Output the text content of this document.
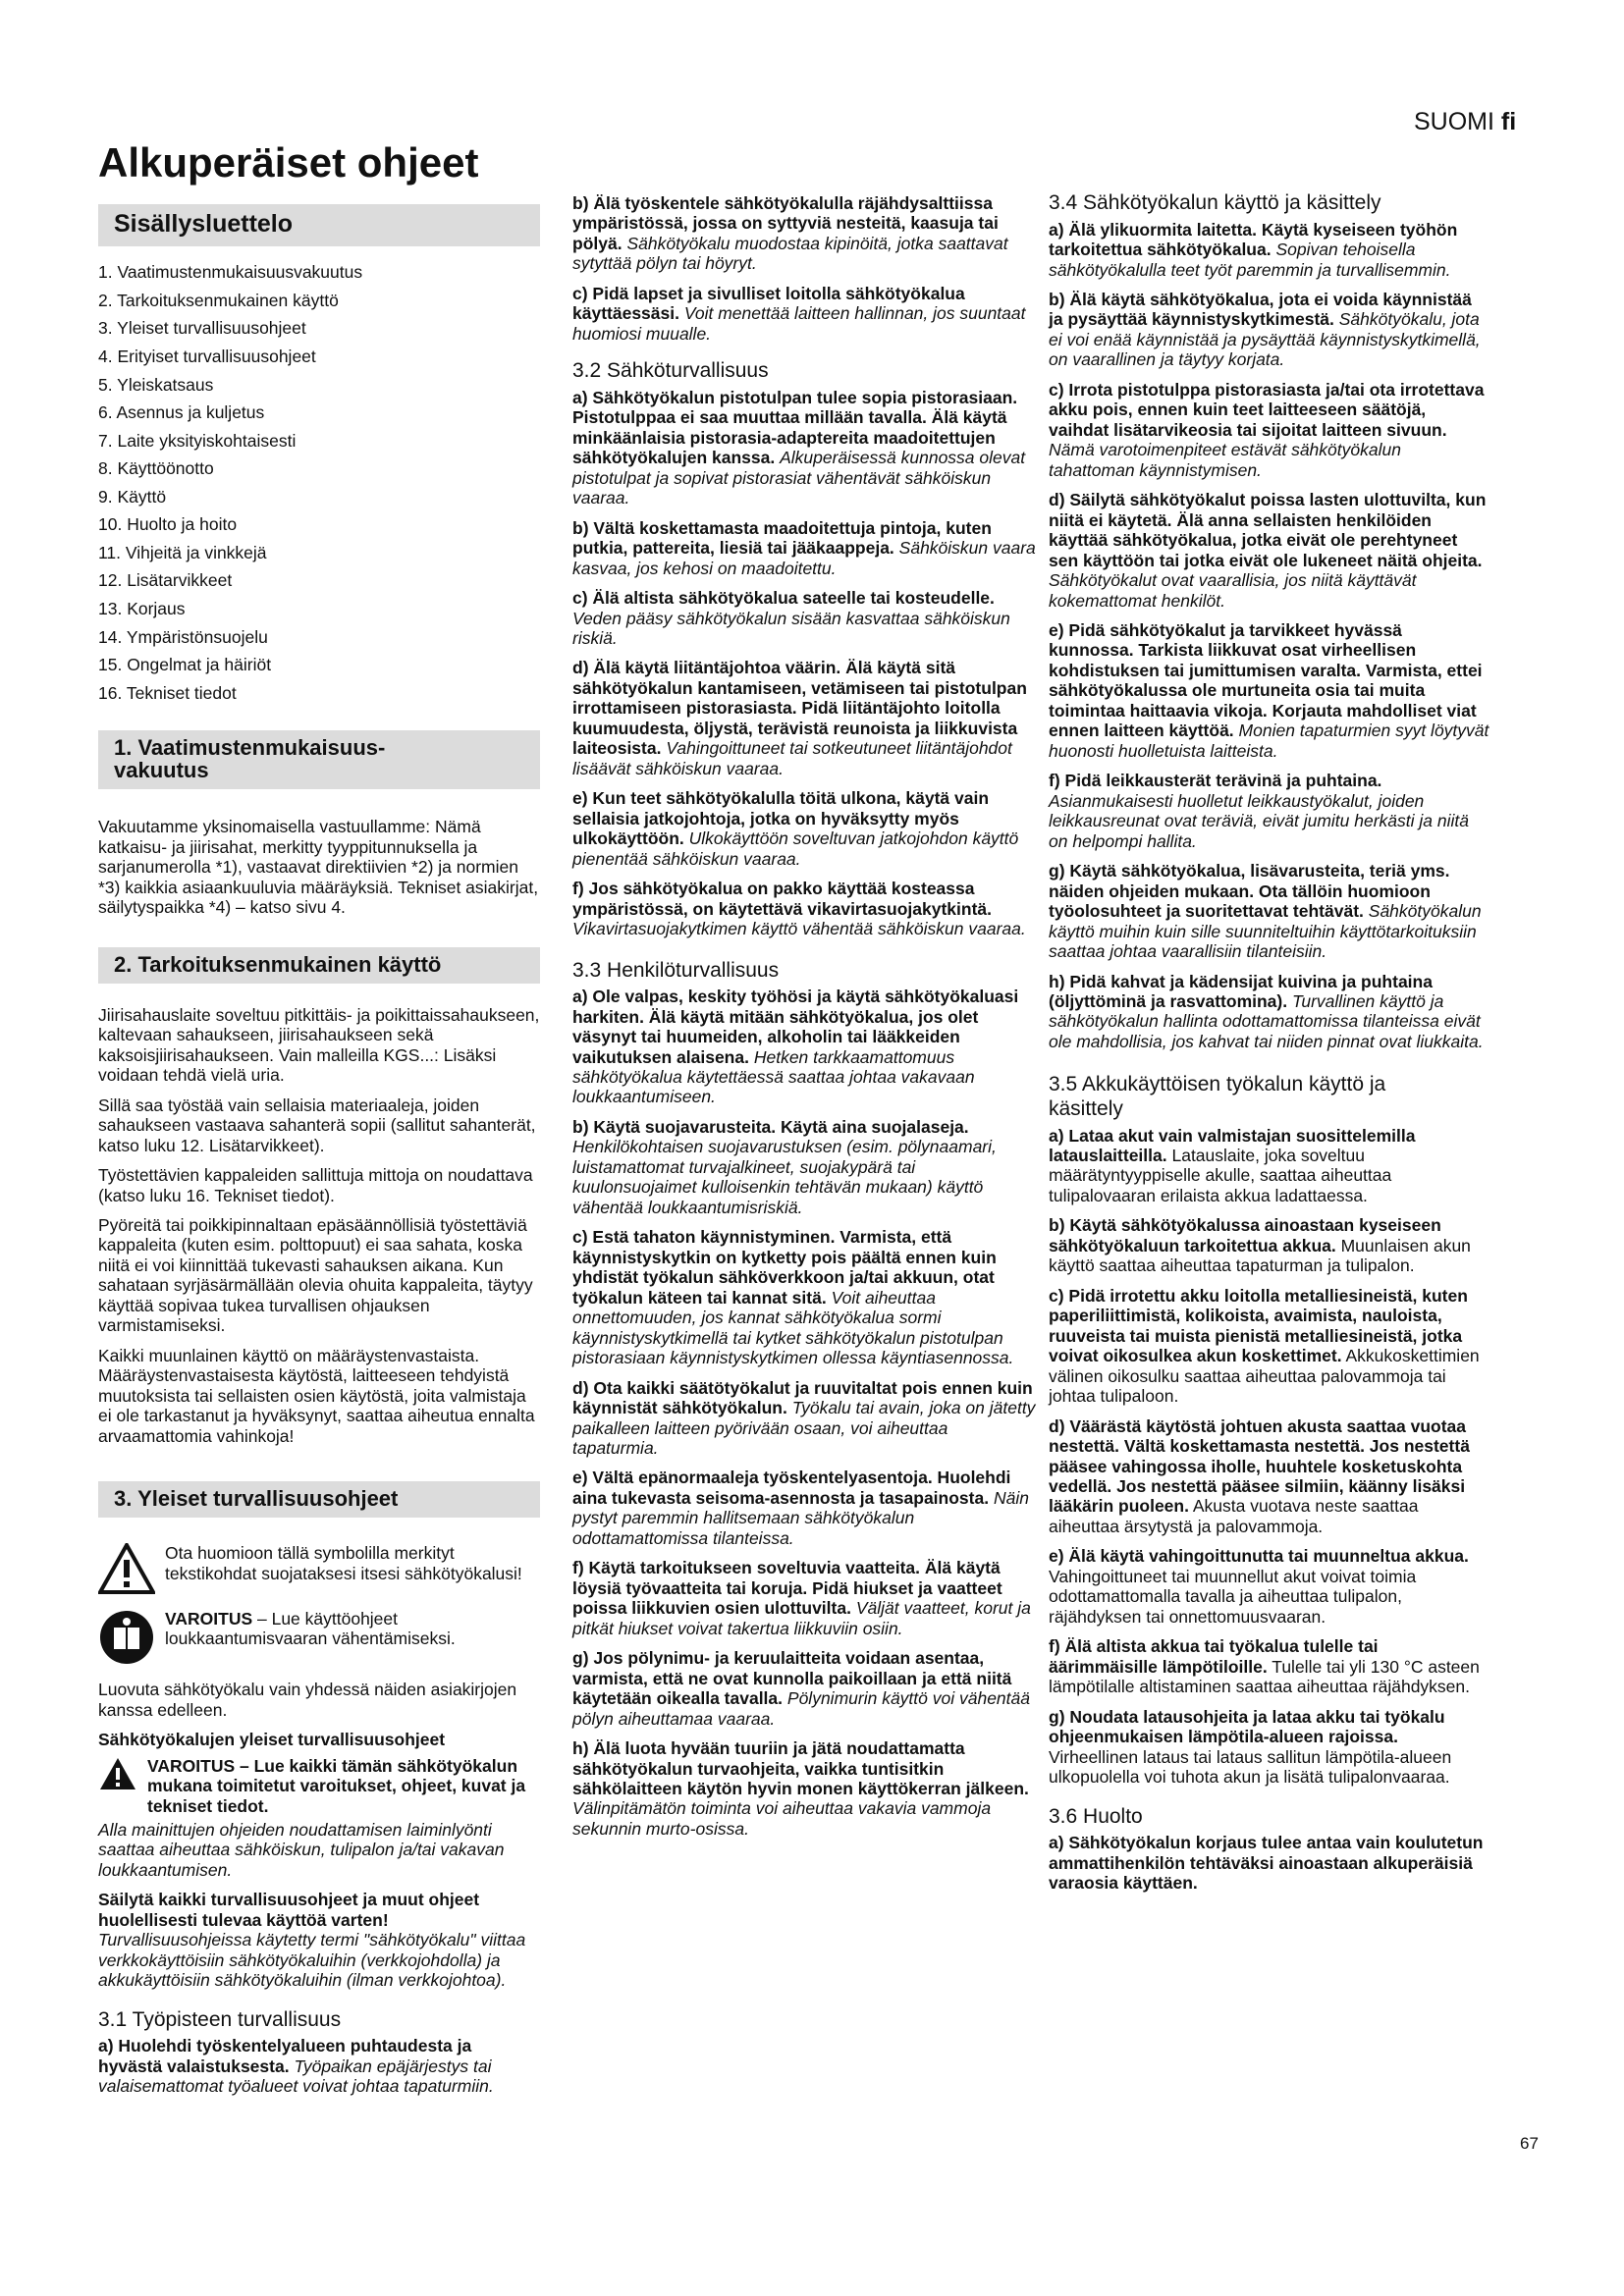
SUOMI fi
Alkuperäiset ohjeet
Sisällysluettelo
1. Vaatimustenmukaisuusvakuutus
2. Tarkoituksenmukainen käyttö
3. Yleiset turvallisuusohjeet
4. Erityiset turvallisuusohjeet
5. Yleiskatsaus
6. Asennus ja kuljetus
7. Laite yksityiskohtaisesti
8. Käyttöönotto
9. Käyttö
10. Huolto ja hoito
11. Vihjeitä ja vinkkejä
12. Lisätarvikkeet
13. Korjaus
14. Ympäristönsuojelu
15. Ongelmat ja häiriöt
16. Tekniset tiedot
1. Vaatimustenmukaisuus-
vakuutus

Vakuutamme yksinomaisella vastuullamme: Nämä katkaisu- ja jiirisahat, merkitty tyyppitunnuksella ja sarjanumerolla *1), vastaavat direktiivien *2) ja normien *3) kaikkia asiaankuuluvia määräyksiä. Tekniset asiakirjat, säilytyspaikka *4) – katso sivu 4.

2. Tarkoituksenmukainen käyttö

Jiirisahauslaite soveltuu pitkittäis- ja poikittaissahaukseen, kaltevaan sahaukseen, jiirisahaukseen sekä kaksoisjiirisahaukseen. Vain malleilla KGS...: Lisäksi voidaan tehdä vielä uria.

Sillä saa työstää vain sellaisia materiaaleja, joiden sahaukseen vastaava sahanterä sopii (sallitut sahanterät, katso luku 12. Lisätarvikkeet).

Työstettävien kappaleiden sallittuja mittoja on noudattava (katso luku 16. Tekniset tiedot).

Pyöreitä tai poikkipinnaltaan epäsäännöllisiä työstettäviä kappaleita (kuten esim. polttopuut) ei saa sahata, koska niitä ei voi kiinnittää tukevasti sahauksen aikana. Kun sahataan syrjäsärmällään olevia ohuita kappaleita, täytyy käyttää sopivaa tukea turvallisen ohjauksen varmistamiseksi.

Kaikki muunlainen käyttö on määräystenvastaista. Määräystenvastaisesta käytöstä, laitteeseen tehdyistä muutoksista tai sellaisten osien käytöstä, joita valmistaja ei ole tarkastanut ja hyväksynyt, saattaa aiheutua ennalta arvaamattomia vahinkoja!

3. Yleiset turvallisuusohjeet
Ota huomioon tällä symbolilla merkityt tekstikohdat suojataksesi itsesi sähkötyökalusi!
VAROITUS – Lue käyttöohjeet loukkaantumisvaaran vähentämiseksi.

Luovuta sähkötyökalu vain yhdessä näiden asiakirjojen kanssa edelleen.

Sähkötyökalujen yleiset turvallisuusohjeet

VAROITUS – Lue kaikki tämän sähkötyökalun mukana toimitetut varoitukset, ohjeet, kuvat ja tekniset tiedot.

Alla mainittujen ohjeiden noudattamisen laiminlyönti saattaa aiheuttaa sähköiskun, tulipalon ja/tai vakavan loukkaantumisen.

Säilytä kaikki turvallisuusohjeet ja muut ohjeet huolellisesti tulevaa käyttöä varten! Turvallisuusohjeissa käytetty termi "sähkötyökalu" viittaa verkkokäyttöisiin sähkötyökaluihin (verkkojohdolla) ja akkukäyttöisiin sähkötyökaluihin (ilman verkkojohtoa).

3.1 Työpisteen turvallisuus

a) Huolehdi työskentelyalueen puhtaudesta ja hyvästä valaistuksesta. Työpaikan epäjärjestys tai valaisemattomat työalueet voivat johtaa tapaturmiin.

b) Älä työskentele sähkötyökalulla räjähdysalttiissa ympäristössä, jossa on syttyviä nesteitä, kaasuja tai pölyä. Sähkötyökalu muodostaa kipinöitä, jotka saattavat sytyttää pölyn tai höyryt.

c) Pidä lapset ja sivulliset loitolla sähkötyökalua käyttäessäsi. Voit menettää laitteen hallinnan, jos suuntaat huomiosi muualle.

3.2 Sähköturvallisuus

a) Sähkötyökalun pistotulpan tulee sopia pistorasiaan. Pistotulppaa ei saa muuttaa millään tavalla. Älä käytä minkäänlaisia pistorasia-adaptereita maadoitettujen sähkötyökalujen kanssa. Alkuperäisessä kunnossa olevat pistotulpat ja sopivat pistorasiat vähentävät sähköiskun vaaraa.

b) Vältä koskettamasta maadoitettuja pintoja, kuten putkia, pattereita, liesiä tai jääkaappeja. Sähköiskun vaara kasvaa, jos kehosi on maadoitettu.

c) Älä altista sähkötyökalua sateelle tai kosteudelle. Veden pääsy sähkötyökalun sisään kasvattaa sähköiskun riskiä.

d) Älä käytä liitäntäjohtoa väärin. Älä käytä sitä sähkötyökalun kantamiseen, vetämiseen tai pistotulpan irrottamiseen pistorasiasta. Pidä liitäntäjohto loitolla kuumuudesta, öljystä, terävistä reunoista ja liikkuvista laiteosista. Vahingoittuneet tai sotkeutuneet liitäntäjohdot lisäävät sähköiskun vaaraa.

e) Kun teet sähkötyökalulla töitä ulkona, käytä vain sellaisia jatkojohtoja, jotka on hyväksytty myös ulkokäyttöön. Ulkokäyttöön soveltuvan jatkojohdon käyttö pienentää sähköiskun vaaraa.

f) Jos sähkötyökalua on pakko käyttää kosteassa ympäristössä, on käytettävä vikavirtasuojakytkintä. Vikavirtasuojakytkimen käyttö vähentää sähköiskun vaaraa.

3.3 Henkilöturvallisuus

a) Ole valpas, keskity työhösi ja käytä sähkötyökaluasi harkiten. Älä käytä mitään sähkötyökalua, jos olet väsynyt tai huumeiden, alkoholin tai lääkkeiden vaikutuksen alaisena. Hetken tarkkaamattomuus sähkötyökalua käytettäessä saattaa johtaa vakavaan loukkaantumiseen.

b) Käytä suojavarusteita. Käytä aina suojalaseja. Henkilökohtaisen suojavarustuksen (esim. pölynaamari, luistamattomat turvajalkineet, suojakypärä tai kuulonsuojaimet kulloisenkin tehtävän mukaan) käyttö vähentää loukkaantumisriskiä.

c) Estä tahaton käynnistyminen. Varmista, että käynnistyskytkin on kytketty pois päältä ennen kuin yhdistät työkalun sähköverkkoon ja/tai akkuun, otat työkalun käteen tai kannat sitä. Voit aiheuttaa onnettomuuden, jos kannat sähkötyökalua sormi käynnistyskytkimellä tai kytket sähkötyökalun pistotulpan pistorasiaan käynnistyskytkimen ollessa käyntiasennossa.

d) Ota kaikki säätötyökalut ja ruuvitaltat pois ennen kuin käynnistät sähkötyökalun. Työkalu tai avain, joka on jätetty paikalleen laitteen pyörivään osaan, voi aiheuttaa tapaturmia.

e) Vältä epänormaaleja työskentelyasentoja. Huolehdi aina tukevasta seisoma-asennosta ja tasapainosta. Näin pystyt paremmin hallitsemaan sähkötyökalun odottamattomissa tilanteissa.

f) Käytä tarkoitukseen soveltuvia vaatteita. Älä käytä löysiä työvaatteita tai koruja. Pidä hiukset ja vaatteet poissa liikkuvien osien ulottuvilta. Väljät vaatteet, korut ja pitkät hiukset voivat takertua liikkuviin osiin.

g) Jos pölynimu- ja keruulaitteita voidaan asentaa, varmista, että ne ovat kunnolla paikoillaan ja että niitä käytetään oikealla tavalla. Pölynimurin käyttö voi vähentää pölyn aiheuttamaa vaaraa.

h) Älä luota hyvään tuuriin ja jätä noudattamatta sähkötyökalun turvaohjeita, vaikka tuntisitkin sähkölaitteen käytön hyvin monen käyttökerran jälkeen. Välinpitämätön toiminta voi aiheuttaa vakavia vammoja sekunnin murto-osissa.

3.4 Sähkötyökalun käyttö ja käsittely

a) Älä ylikuormita laitetta. Käytä kyseiseen työhön tarkoitettua sähkötyökalua. Sopivan tehoisella sähkötyökalulla teet työt paremmin ja turvallisemmin.

b) Älä käytä sähkötyökalua, jota ei voida käynnistää ja pysäyttää käynnistyskytkimestä. Sähkötyökalu, jota ei voi enää käynnistää ja pysäyttää käynnistyskytkimellä, on vaarallinen ja täytyy korjata.

c) Irrota pistotulppa pistorasiasta ja/tai ota irrotettava akku pois, ennen kuin teet laitteeseen säätöjä, vaihdat lisätarvikeosia tai sijoitat laitteen sivuun. Nämä varotoimenpiteet estävät sähkötyökalun tahattoman käynnistymisen.

d) Säilytä sähkötyökalut poissa lasten ulottuvilta, kun niitä ei käytetä. Älä anna sellaisten henkilöiden käyttää sähkötyökalua, jotka eivät ole perehtyneet sen käyttöön tai jotka eivät ole lukeneet näitä ohjeita. Sähkötyökalut ovat vaarallisia, jos niitä käyttävät kokemattomat henkilöt.

e) Pidä sähkötyökalut ja tarvikkeet hyvässä kunnossa. Tarkista liikkuvat osat virheellisen kohdistuksen tai jumittumisen varalta. Varmista, ettei sähkötyökalussa ole murtuneita osia tai muita toimintaa haittaavia vikoja. Korjauta mahdolliset viat ennen laitteen käyttöä. Monien tapaturmien syyt löytyvät huonosti huolletuista laitteista.

f) Pidä leikkausterät terävinä ja puhtaina. Asianmukaisesti huolletut leikkaustyökalut, joiden leikkausreunat ovat teräviä, eivät jumitu herkästi ja niitä on helpompi hallita.

g) Käytä sähkötyökalua, lisävarusteita, teriä yms. näiden ohjeiden mukaan. Ota tällöin huomioon työolosuhteet ja suoritettavat tehtävät. Sähkötyökalun käyttö muihin kuin sille suunniteltuihin käyttötarkoituksiin saattaa johtaa vaarallisiin tilanteisiin.

h) Pidä kahvat ja kädensijat kuivina ja puhtaina (öljyttöminä ja rasvattomina). Turvallinen käyttö ja sähkötyökalun hallinta odottamattomissa tilanteissa eivät ole mahdollisia, jos kahvat tai niiden pinnat ovat liukkaita.

3.5 Akkukäyttöisen työkalun käyttö ja
käsittely

a) Lataa akut vain valmistajan suosittelemilla latauslaitteilla. Latauslaite, joka soveltuu määrätyntyyppiselle akulle, saattaa aiheuttaa tulipalovaaran erilaista akkua ladattaessa.

b) Käytä sähkötyökalussa ainoastaan kyseiseen sähkötyökaluun tarkoitettua akkua. Muunlaisen akun käyttö saattaa aiheuttaa tapaturman ja tulipalon.

c) Pidä irrotettu akku loitolla metalliesineistä, kuten paperiliittimistä, kolikoista, avaimista, nauloista, ruuveista tai muista pienistä metalliesineistä, jotka voivat oikosulkea akun koskettimet. Akkukoskettimien välinen oikosulku saattaa aiheuttaa palovammoja tai johtaa tulipaloon.

d) Väärästä käytöstä johtuen akusta saattaa vuotaa nestettä. Vältä koskettamasta nestettä. Jos nestettä pääsee vahingossa iholle, huuhtele kosketuskohta vedellä. Jos nestettä pääsee silmiin, käänny lisäksi lääkärin puoleen. Akusta vuotava neste saattaa aiheuttaa ärsytystä ja palovammoja.

e) Älä käytä vahingoittunutta tai muunneltua akkua. Vahingoittuneet tai muunnellut akut voivat toimia odottamattomalla tavalla ja aiheuttaa tulipalon, räjähdyksen tai onnettomuusvaaran.

f) Älä altista akkua tai työkalua tulelle tai äärimmäisille lämpötiloille. Tulelle tai yli 130 °C asteen lämpötilalle altistaminen saattaa aiheuttaa räjähdyksen.

g) Noudata latausohjeita ja lataa akku tai työkalu ohjeenmukaisen lämpötila-alueen rajoissa. Virheellinen lataus tai lataus sallitun lämpötila-alueen ulkopuolella voi tuhota akun ja lisätä tulipalonvaaraa.

3.6 Huolto

a) Sähkötyökalun korjaus tulee antaa vain koulutetun ammattihenkilön tehtäväksi ainoastaan alkuperäisiä varaosia käyttäen.

67
